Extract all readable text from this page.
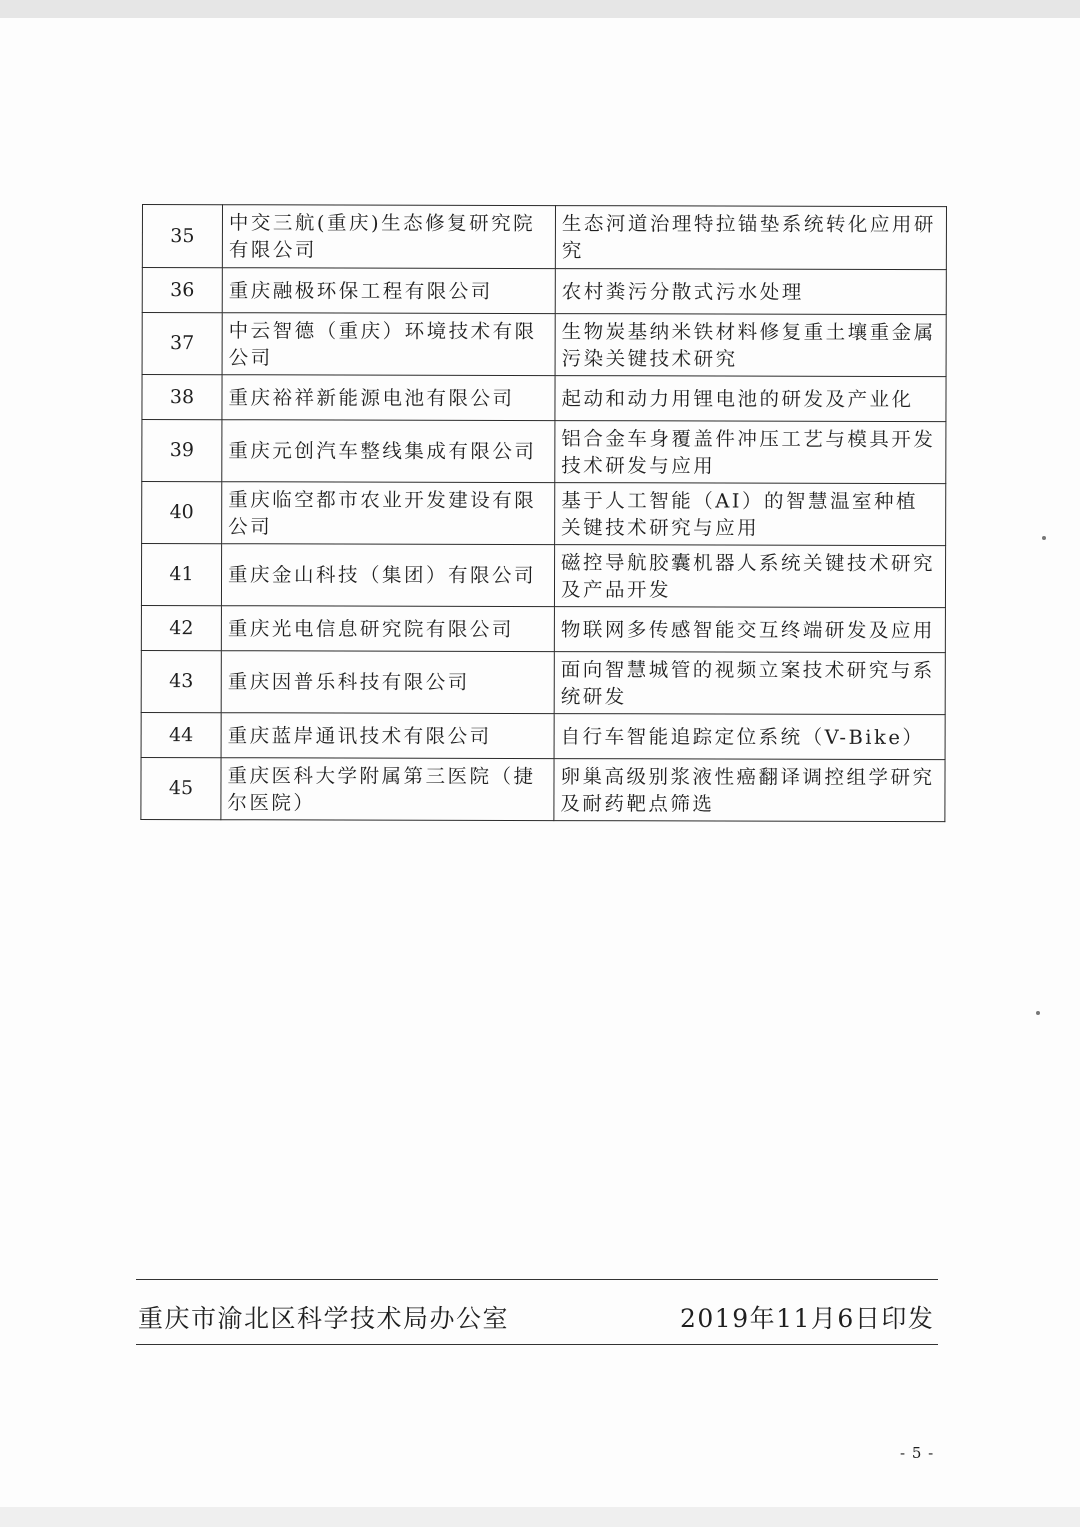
35	中交三航(重庆)生态修复研究院有限公司	生态河道治理特拉锚垫系统转化应用研究
36	重庆融极环保工程有限公司	农村粪污分散式污水处理
37	中云智德（重庆）环境技术有限公司	生物炭基纳米铁材料修复重土壤重金属污染关键技术研究
38	重庆裕祥新能源电池有限公司	起动和动力用锂电池的研发及产业化
39	重庆元创汽车整线集成有限公司	铝合金车身覆盖件冲压工艺与模具开发技术研发与应用
40	重庆临空都市农业开发建设有限公司	基于人工智能（AI）的智慧温室种植关键技术研究与应用
41	重庆金山科技（集团）有限公司	磁控导航胶囊机器人系统关键技术研究及产品开发
42	重庆光电信息研究院有限公司	物联网多传感智能交互终端研发及应用
43	重庆因普乐科技有限公司	面向智慧城管的视频立案技术研究与系统研发
44	重庆蓝岸通讯技术有限公司	自行车智能追踪定位系统（V-Bike）
45	重庆医科大学附属第三医院（捷尔医院）	卵巢高级别浆液性癌翻译调控组学研究及耐药靶点筛选
重庆市渝北区科学技术局办公室	2019年11月6日印发
- 5 -
